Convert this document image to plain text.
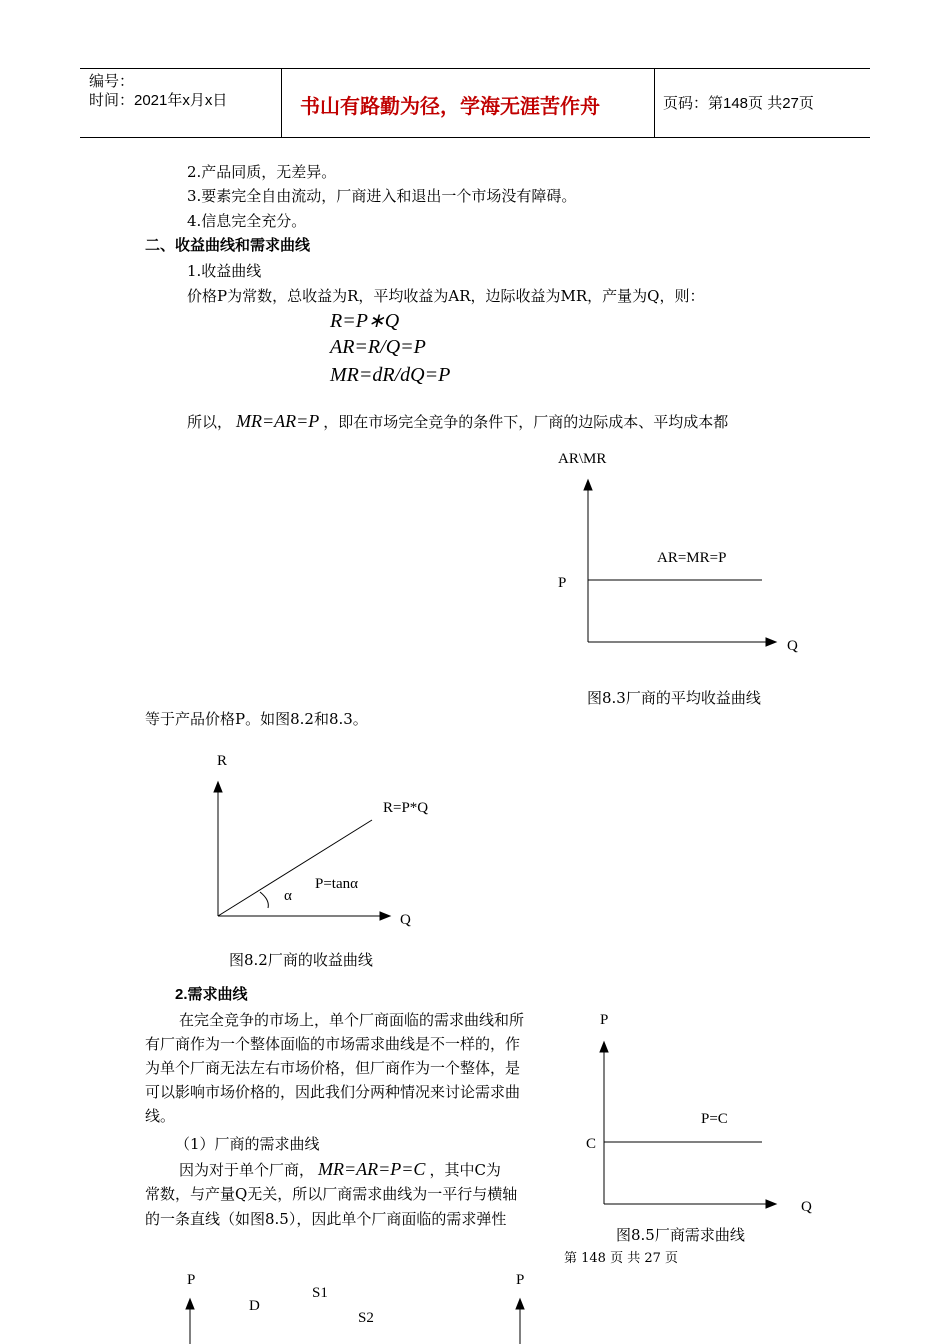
编号：
时间：2021年x月x日	书山有路勤为径，学海无涯苦作舟	页码：第148页 共27页
2.产品同质，无差异。
3.要素完全自由流动，厂商进入和退出一个市场没有障碍。
4.信息完全充分。
二、收益曲线和需求曲线
1.收益曲线
价格P为常数，总收益为R，平均收益为AR，边际收益为MR，产量为Q，则：
R=P∗Q
AR=R/Q=P
MR=dR/dQ=P
所以， MR=AR=P ，即在市场完全竞争的条件下，厂商的边际成本、平均成本都
AR\MR
AR=MR=P
P
Q
图8.3厂商的平均收益曲线
等于产品价格P。如图8.2和8.3。
R
R=P*Q
P=tanα
α
Q
图8.2厂商的收益曲线
2.需求曲线
在完全竞争的市场上，单个厂商面临的需求曲线和所
有厂商作为一个整体面临的市场需求曲线是不一样的，作
为单个厂商无法左右市场价格，但厂商作为一个整体，是
可以影响市场价格的，因此我们分两种情况来讨论需求曲
线。
（1）厂商的需求曲线
因为对于单个厂商， MR=AR=P=C ，其中C为
常数，与产量Q无关，所以厂商需求曲线为一平行与横轴
的一条直线（如图8.5），因此单个厂商面临的需求弹性
P
P=C
C
Q
图8.5厂商需求曲线
第 148 页 共 27 页
P
D
S1
S2
P
